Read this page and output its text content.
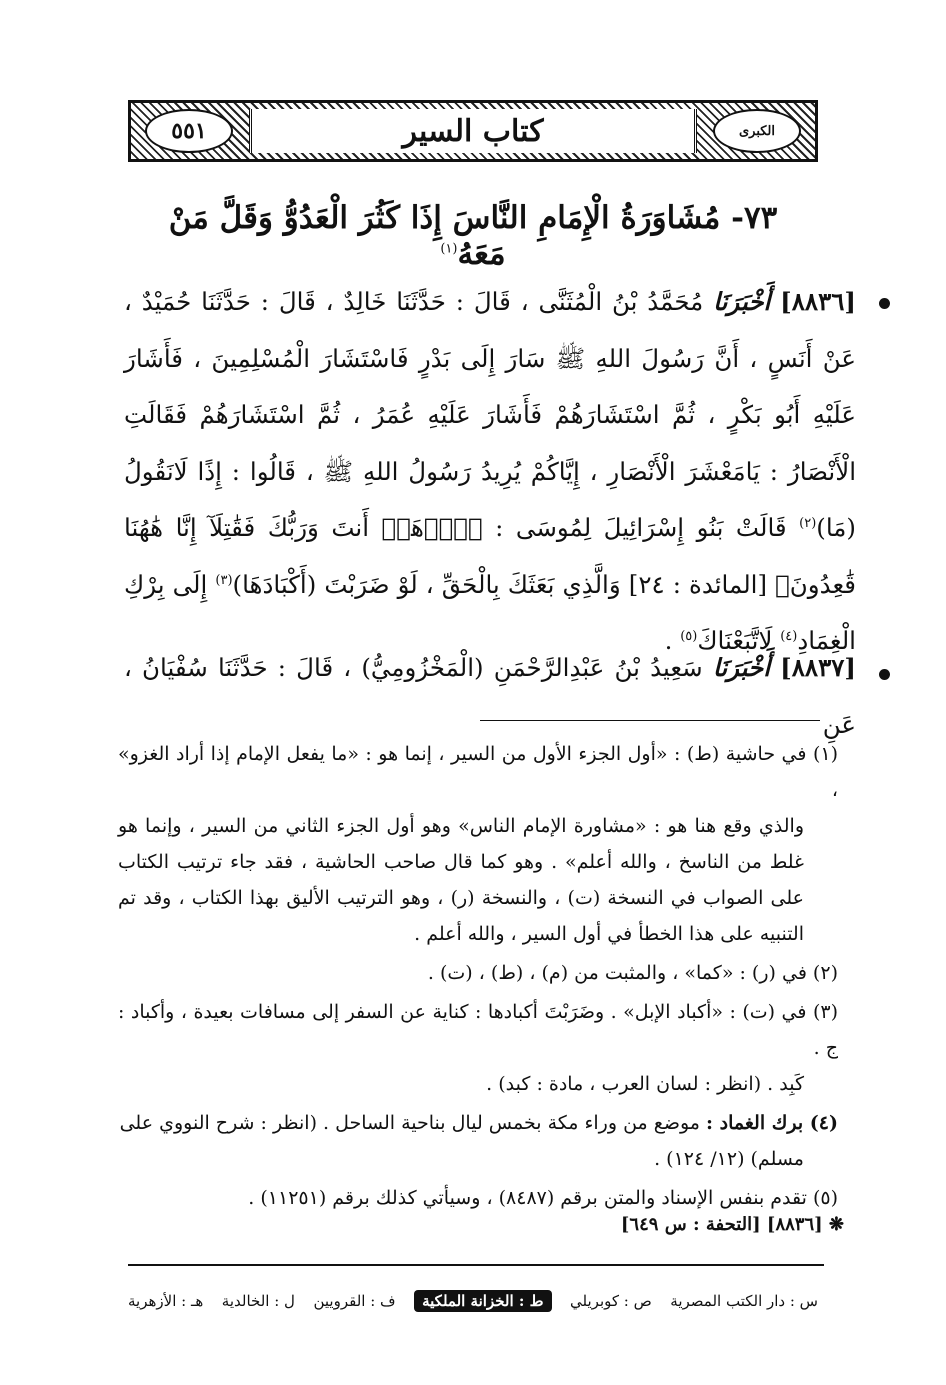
الكبرى
كتاب السير
٥٥١
٧٣- مُشَاوَرَةُ الْإِمَامِ النَّاسَ إِذَا كَثُرَ الْعَدُوُّ وَقَلَّ مَنْ مَعَهُ$^{(١)}$
[٨٨٣٦] أَخْبَرَنَا مُحَمَّدُ بْنُ الْمُثَنَّى ، قَالَ : حَدَّثَنَا خَالِدٌ ، قَالَ : حَدَّثَنَا حُمَيْدٌ ، عَنْ أَنَسٍ ، أَنَّ رَسُولَ اللهِ ﷺ سَارَ إِلَى بَدْرٍ فَاسْتَشَارَ الْمُسْلِمِينَ ، فَأَشَارَ عَلَيْهِ أَبُو بَكْرٍ ، ثُمَّ اسْتَشَارَهُمْ فَأَشَارَ عَلَيْهِ عُمَرُ ، ثُمَّ اسْتَشَارَهُمْ فَقَالَتِ الْأَنْصَارُ : يَامَعْشَرَ الْأَنْصَارِ ، إِيَّاكُمْ يُرِيدُ رَسُولُ اللهِ ﷺ ، قَالُوا : إِذًا لَانَقُولُ (مَا)$^{(٢)}$ قَالَتْ بَنُو إِسْرَائِيلَ لِمُوسَى : ﴿ٱذۡهَبۡ أَنتَ وَرَبُّكَ فَقَٰتِلَآ إِنَّا هَٰهُنَا قَٰعِدُونَ﴾ [المائدة : ٢٤] وَالَّذِي بَعَثَكَ بِالْحَقِّ ، لَوْ ضَرَبْتَ (أَكْبَادَهَا)$^{(٣)}$ إِلَى بِرْكِ الْغِمَادِ$^{(٤)}$ لَاتَّبَعْنَاكَ$^{(٥)}$ .
[٨٨٣٧] أَخْبَرَنَا سَعِيدُ بْنُ عَبْدِالرَّحْمَنِ (الْمَخْزُومِيُّ) ، قَالَ : حَدَّثَنَا سُفْيَانُ ، عَنِ

(١) في حاشية (ط) : «أول الجزء الأول من السير ، إنما هو : «ما يفعل الإمام إذا أراد الغزو» ،
والذي وقع هنا هو : «مشاورة الإمام الناس» وهو أول الجزء الثاني من السير ، وإنما هو غلط من الناسخ ، والله أعلم» . وهو كما قال صاحب الحاشية ، فقد جاء ترتيب الكتاب على الصواب في النسخة (ت) ، والنسخة (ر) ، وهو الترتيب الأليق بهذا الكتاب ، وقد تم التنبيه على هذا الخطأ في أول السير ، والله أعلم .

(٢) في (ر) : «كما» ، والمثبت من (م) ، (ط) ، (ت) .

(٣) في (ت) : «أكباد الإبل» . وضَرَبْتَ أكبادها : كناية عن السفر إلى مسافات بعيدة ، وأكباد : ج .
كَبِد . (انظر : لسان العرب ، مادة : كبد) .

(٤) برك الغماد : موضع من وراء مكة بخمس ليال بناحية الساحل . (انظر : شرح النووي على
مسلم) (١٢/ ١٢٤) .

(٥) تقدم بنفس الإسناد والمتن برقم (٨٤٨٧) ، وسيأتي كذلك برقم (١١٢٥١) .

❋ [٨٨٣٦] [التحفة : س ٦٤٩]
س : دار الكتب المصرية
ص : كوبريلي
ط : الخزانة الملكية
ف : القرويين
ل : الخالدية
هـ : الأزهرية
